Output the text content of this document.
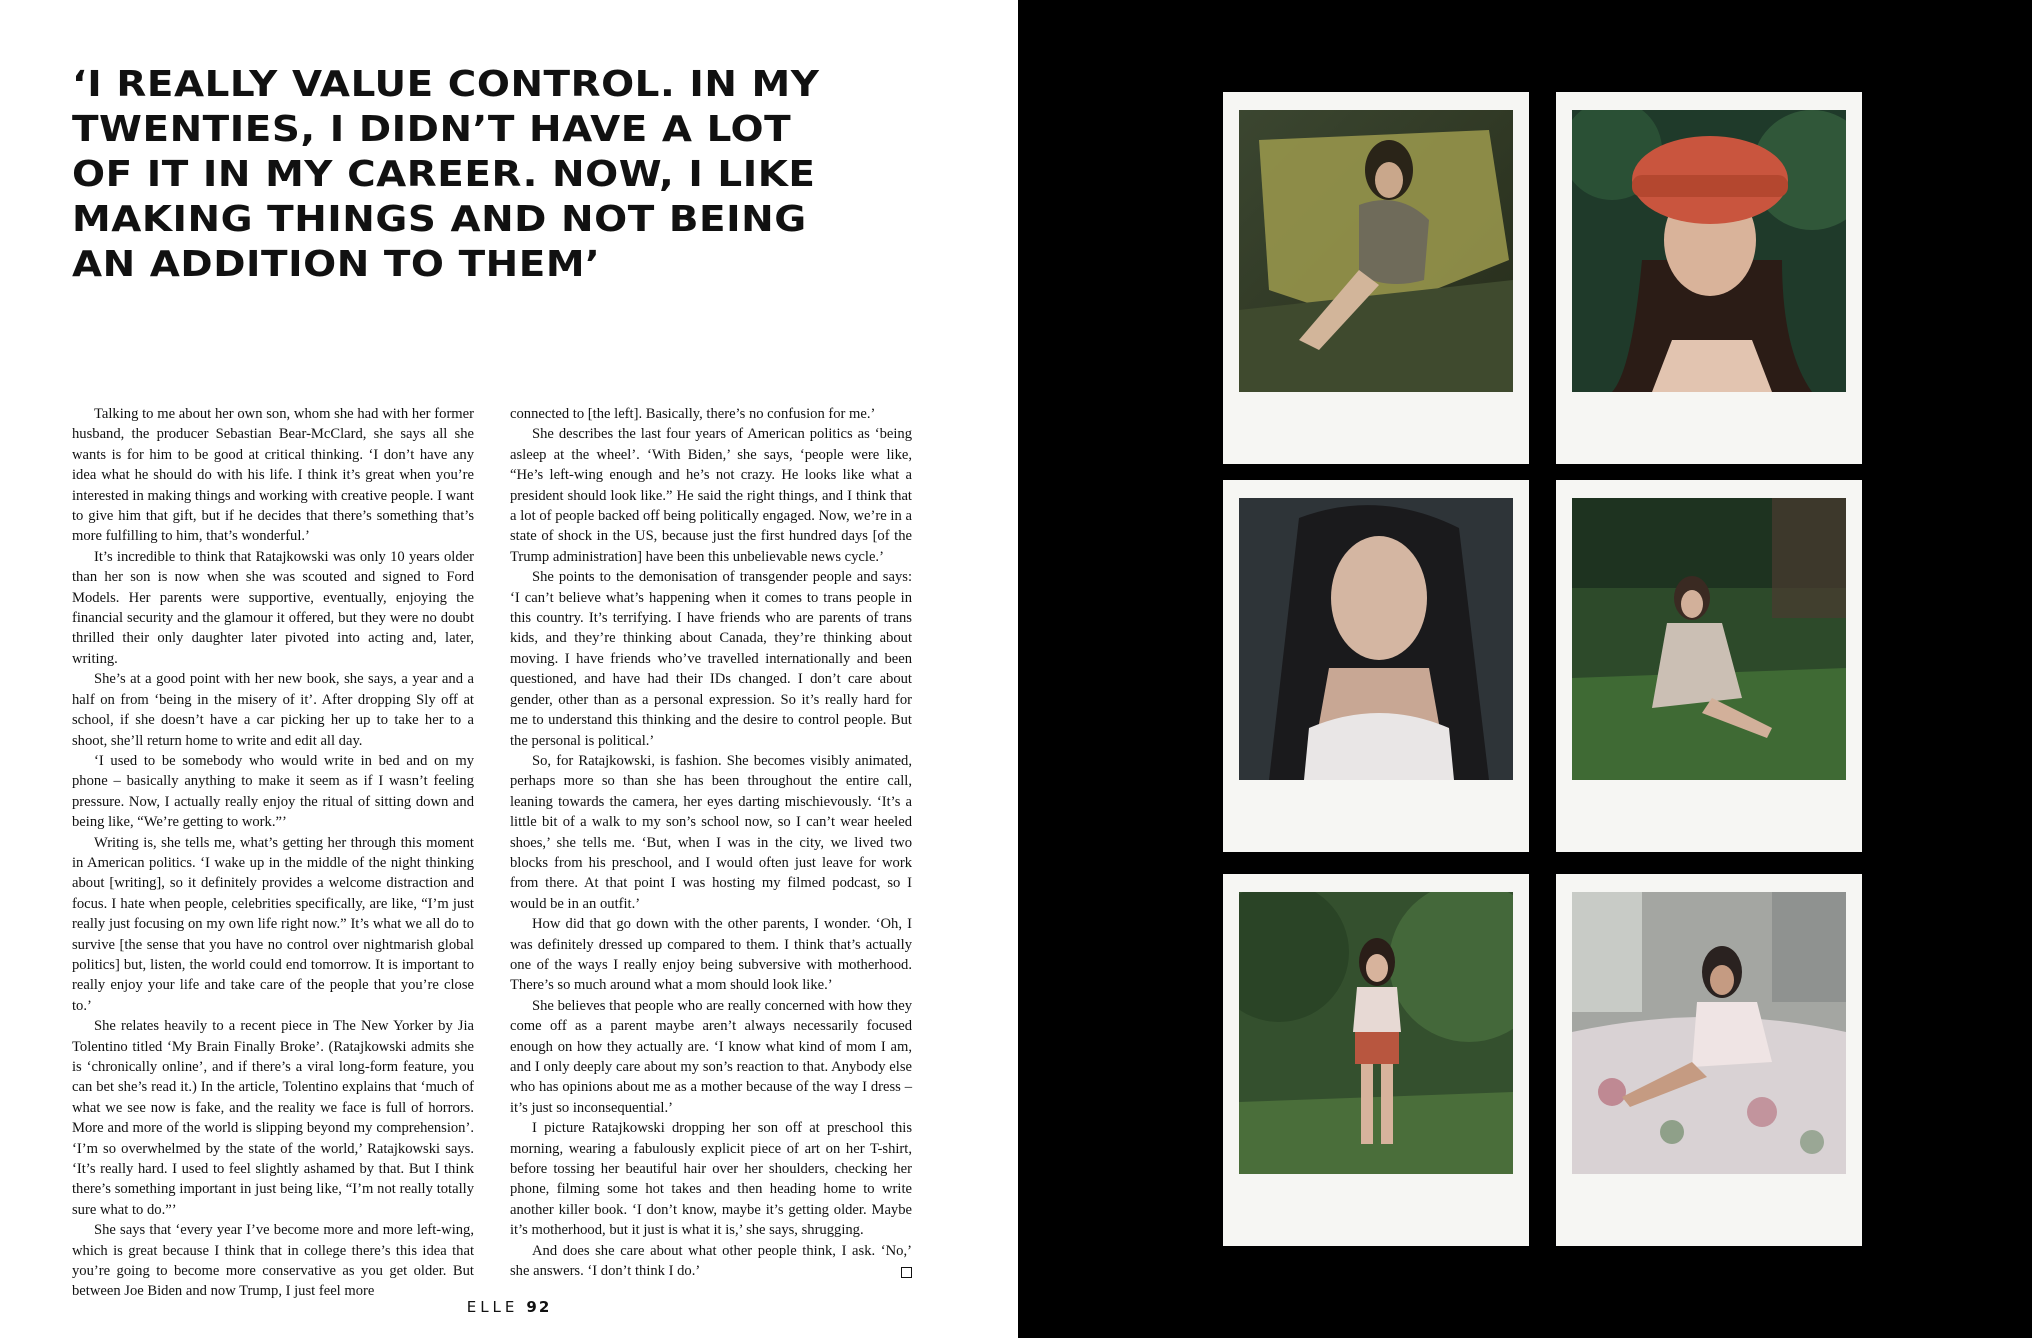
‘I REALLY VALUE CONTROL. IN MY
TWENTIES, I DIDN’T HAVE A LOT
OF IT IN MY CAREER. NOW, I LIKE
MAKING THINGS AND NOT BEING
AN ADDITION TO THEM’

Talking to me about her own son, whom she had with her former husband, the producer Sebastian Bear-McClard, she says all she wants is for him to be good at critical thinking. ‘I don’t have any idea what he should do with his life. I think it’s great when you’re interested in making things and working with creative people. I want to give him that gift, but if he decides that there’s something that’s more fulfilling to him, that’s wonderful.’

It’s incredible to think that Ratajkowski was only 10 years older than her son is now when she was scouted and signed to Ford Models. Her parents were supportive, eventually, enjoying the financial security and the glamour it offered, but they were no doubt thrilled their only daughter later pivoted into acting and, later, writing.

She’s at a good point with her new book, she says, a year and a half on from ‘being in the misery of it’. After dropping Sly off at school, if she doesn’t have a car picking her up to take her to a shoot, she’ll return home to write and edit all day.

‘I used to be somebody who would write in bed and on my phone – basically anything to make it seem as if I wasn’t feeling pressure. Now, I actually really enjoy the ritual of sitting down and being like, “We’re getting to work.”’

Writing is, she tells me, what’s getting her through this moment in American politics. ‘I wake up in the middle of the night thinking about [writing], so it definitely provides a welcome distraction and focus. I hate when people, celebrities specifically, are like, “I’m just really just focusing on my own life right now.” It’s what we all do to survive [the sense that you have no control over nightmarish global politics] but, listen, the world could end tomorrow. It is important to really enjoy your life and take care of the people that you’re close to.’

She relates heavily to a recent piece in The New Yorker by Jia Tolentino titled ‘My Brain Finally Broke’. (Ratajkowski admits she is ‘chronically online’, and if there’s a viral long-form feature, you can bet she’s read it.) In the article, Tolentino explains that ‘much of what we see now is fake, and the reality we face is full of horrors. More and more of the world is slipping beyond my comprehension’. ‘I’m so overwhelmed by the state of the world,’ Ratajkowski says. ‘It’s really hard. I used to feel slightly ashamed by that. But I think there’s something important in just being like, “I’m not really totally sure what to do.”’

She says that ‘every year I’ve become more and more left-wing, which is great because I think that in college there’s this idea that you’re going to become more conservative as you get older. But between Joe Biden and now Trump, I just feel more

connected to [the left]. Basically, there’s no confusion for me.’

She describes the last four years of American politics as ‘being asleep at the wheel’. ‘With Biden,’ she says, ‘people were like, “He’s left-wing enough and he’s not crazy. He looks like what a president should look like.” He said the right things, and I think that a lot of people backed off being politically engaged. Now, we’re in a state of shock in the US, because just the first hundred days [of the Trump administration] have been this unbelievable news cycle.’

She points to the demonisation of transgender people and says: ‘I can’t believe what’s happening when it comes to trans people in this country. It’s terrifying. I have friends who are parents of trans kids, and they’re thinking about Canada, they’re thinking about moving. I have friends who’ve travelled internationally and been questioned, and have had their IDs changed. I don’t care about gender, other than as a personal expression. So it’s really hard for me to understand this thinking and the desire to control people. But the personal is political.’

So, for Ratajkowski, is fashion. She becomes visibly animated, perhaps more so than she has been throughout the entire call, leaning towards the camera, her eyes darting mischievously. ‘It’s a little bit of a walk to my son’s school now, so I can’t wear heeled shoes,’ she tells me. ‘But, when I was in the city, we lived two blocks from his preschool, and I would often just leave for work from there. At that point I was hosting my filmed podcast, so I would be in an outfit.’

How did that go down with the other parents, I wonder. ‘Oh, I was definitely dressed up compared to them. I think that’s actually one of the ways I really enjoy being subversive with motherhood. There’s so much around what a mom should look like.’

She believes that people who are really concerned with how they come off as a parent maybe aren’t always necessarily focused enough on how they actually are. ‘I know what kind of mom I am, and I only deeply care about my son’s reaction to that. Anybody else who has opinions about me as a mother because of the way I dress – it’s just so inconsequential.’

I picture Ratajkowski dropping her son off at preschool this morning, wearing a fabulously explicit piece of art on her T-shirt, before tossing her beautiful hair over her shoulders, checking her phone, filming some hot takes and then heading home to write another killer book. ‘I don’t know, maybe it’s getting older. Maybe it’s motherhood, but it just is what it is,’ she says, shrugging.

And does she care about what other people think, I ask. ‘No,’ she answers. ‘I don’t think I do.’

ELLE 92
